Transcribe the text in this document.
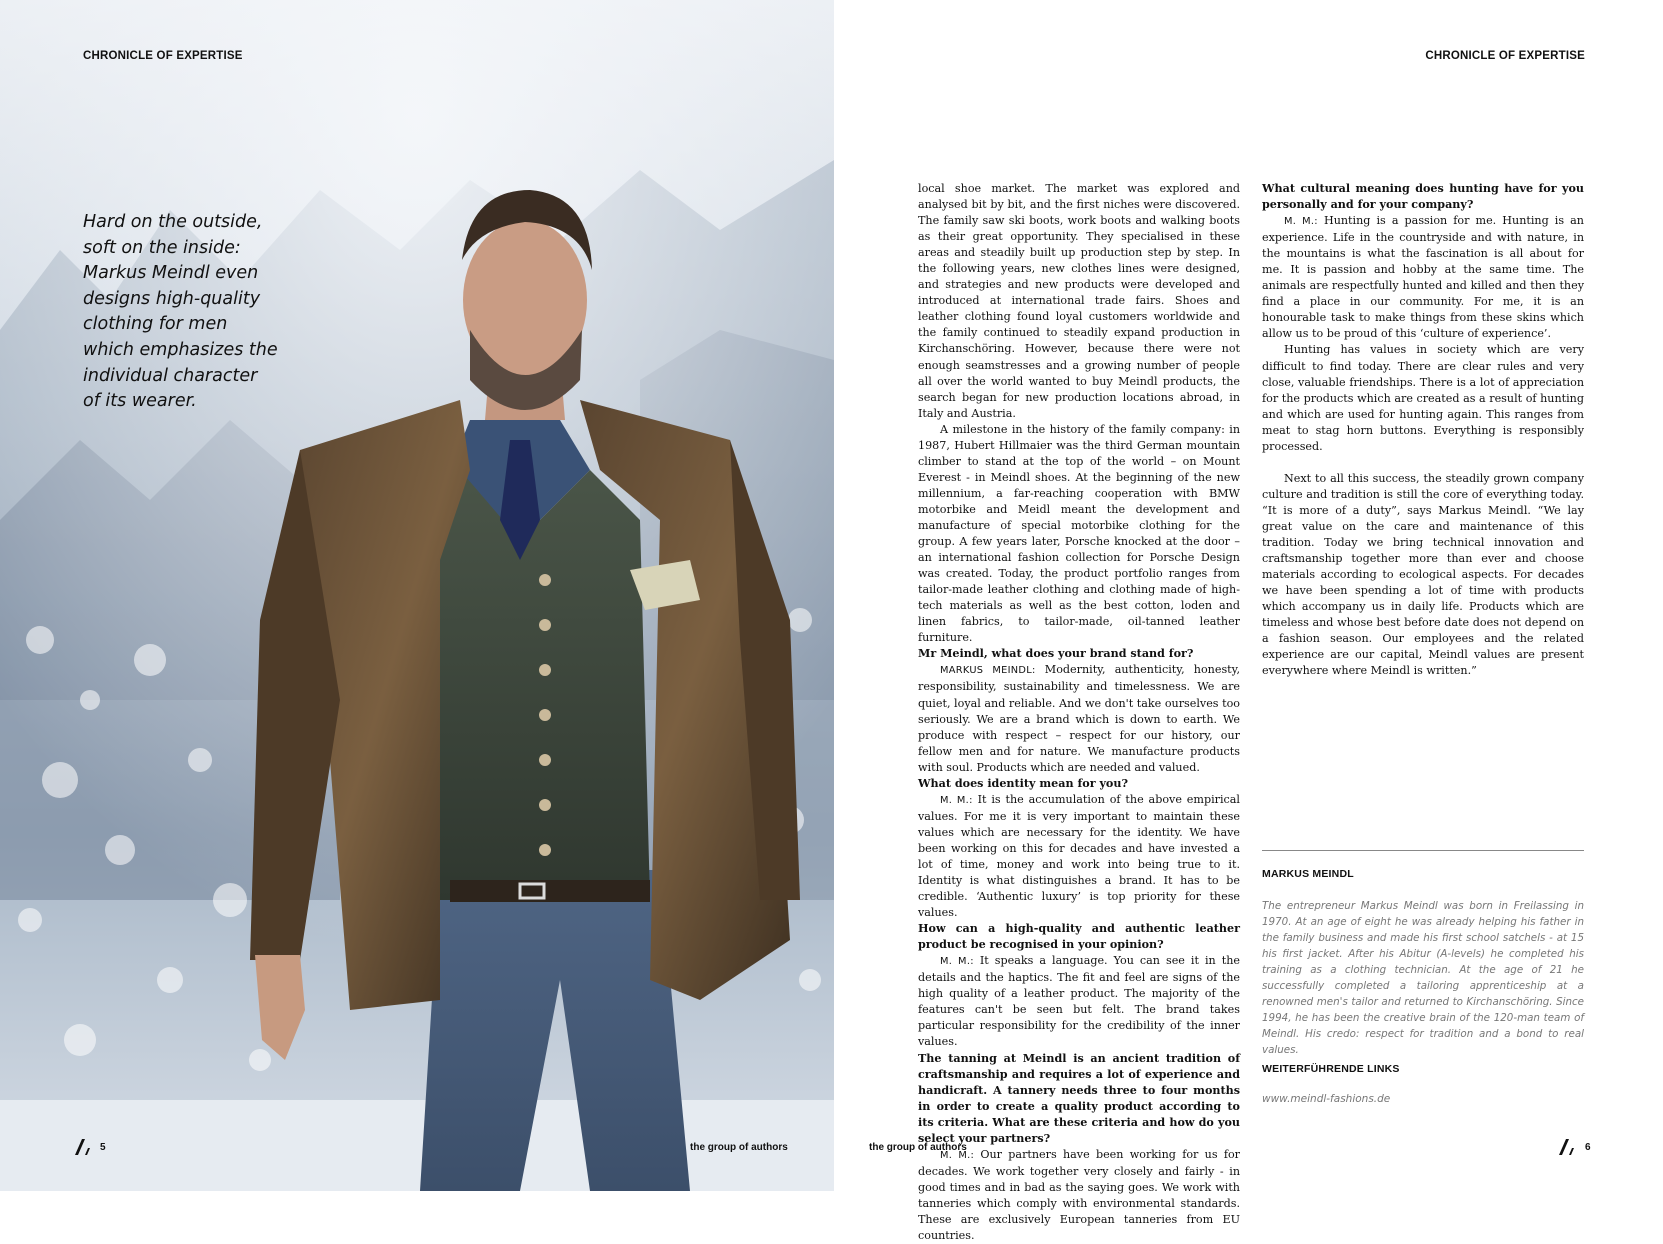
CHRONICLE OF EXPERTISE
Hard on the outside,
soft on the inside:
Markus Meindl even
designs high-quality
clothing for men
which emphasizes the
individual character
of its wearer.
5	the group of authors
CHRONICLE OF EXPERTISE

local shoe market. The market was explored and analysed bit by bit, and the first niches were discovered. The family saw ski boots, work boots and walking boots as their great opportunity. They specialised in these areas and steadily built up production step by step. In the following years, new clothes lines were designed, and strategies and new products were developed and introduced at international trade fairs. Shoes and leather clothing found loyal customers worldwide and the family continued to steadily expand production in Kirchanschöring. However, because there were not enough seamstresses and a growing number of people all over the world wanted to buy Meindl products, the search began for new production locations abroad, in Italy and Austria.

A milestone in the history of the family company: in 1987, Hubert Hillmaier was the third German mountain climber to stand at the top of the world – on Mount Everest - in Meindl shoes. At the beginning of the new millennium, a far-reaching cooperation with BMW motorbike and Meidl meant the development and manufacture of special motorbike clothing for the group. A few years later, Porsche knocked at the door – an international fashion collection for Porsche Design was created. Today, the product portfolio ranges from tailor-made leather clothing and clothing made of high-tech materials as well as the best cotton, loden and linen fabrics, to tailor-made, oil-tanned leather furniture.

Mr Meindl, what does your brand stand for?

MARKUS MEINDL: Modernity, authenticity, honesty, responsibility, sustainability and timelessness. We are quiet, loyal and reliable. And we don't take ourselves too seriously. We are a brand which is down to earth. We produce with respect – respect for our history, our fellow men and for nature. We manufacture products with soul. Products which are needed and valued.

What does identity mean for you?

M. M.: It is the accumulation of the above empirical values. For me it is very important to maintain these values which are necessary for the identity. We have been working on this for decades and have invested a lot of time, money and work into being true to it. Identity is what distinguishes a brand. It has to be credible. ‘Authentic luxury’ is top priority for these values.

How can a high-quality and authentic leather product be recognised in your opinion?

M. M.: It speaks a language. You can see it in the details and the haptics. The fit and feel are signs of the high quality of a leather product. The majority of the features can't be seen but felt. The brand takes particular responsibility for the credibility of the inner values.

The tanning at Meindl is an ancient tradition of craftsmanship and requires a lot of experience and handicraft. A tannery needs three to four months in order to create a quality product according to its criteria. What are these criteria and how do you select your partners?

M. M.: Our partners have been working for us for decades. We work together very closely and fairly - in good times and in bad as the saying goes. We work with tanneries which comply with environmental standards. These are exclusively European tanneries from EU countries.

What cultural meaning does hunting have for you personally and for your company?

M. M.: Hunting is a passion for me. Hunting is an experience. Life in the countryside and with nature, in the mountains is what the fascination is all about for me. It is passion and hobby at the same time. The animals are respectfully hunted and killed and then they find a place in our community. For me, it is an honourable task to make things from these skins which allow us to be proud of this ‘culture of experience’.

Hunting has values in society which are very difficult to find today. There are clear rules and very close, valuable friendships. There is a lot of appreciation for the products which are created as a result of hunting and which are used for hunting again. This ranges from meat to stag horn buttons. Everything is responsibly processed.

Next to all this success, the steadily grown company culture and tradition is still the core of everything today. “It is more of a duty”, says Markus Meindl. “We lay great value on the care and maintenance of this tradition. Today we bring technical innovation and craftsmanship together more than ever and choose materials according to ecological aspects. For decades we have been spending a lot of time with products which accompany us in daily life. Products which are timeless and whose best before date does not depend on a fashion season. Our employees and the related experience are our capital, Meindl values are present everywhere where Meindl is written.”

MARKUS MEINDL
The entrepreneur Markus Meindl was born in Freilassing in 1970. At an age of eight he was already helping his father in the family business and made his first school satchels - at 15 his first jacket. After his Abitur (A-levels) he completed his training as a clothing technician. At the age of 21 he successfully completed a tailoring apprenticeship at a renowned men's tailor and returned to Kirchanschöring. Since 1994, he has been the creative brain of the 120-man team of Meindl. His credo: respect for tradition and a bond to real values.
WEITERFÜHRENDE LINKS
www.meindl-fashions.de
the group of authors	6
